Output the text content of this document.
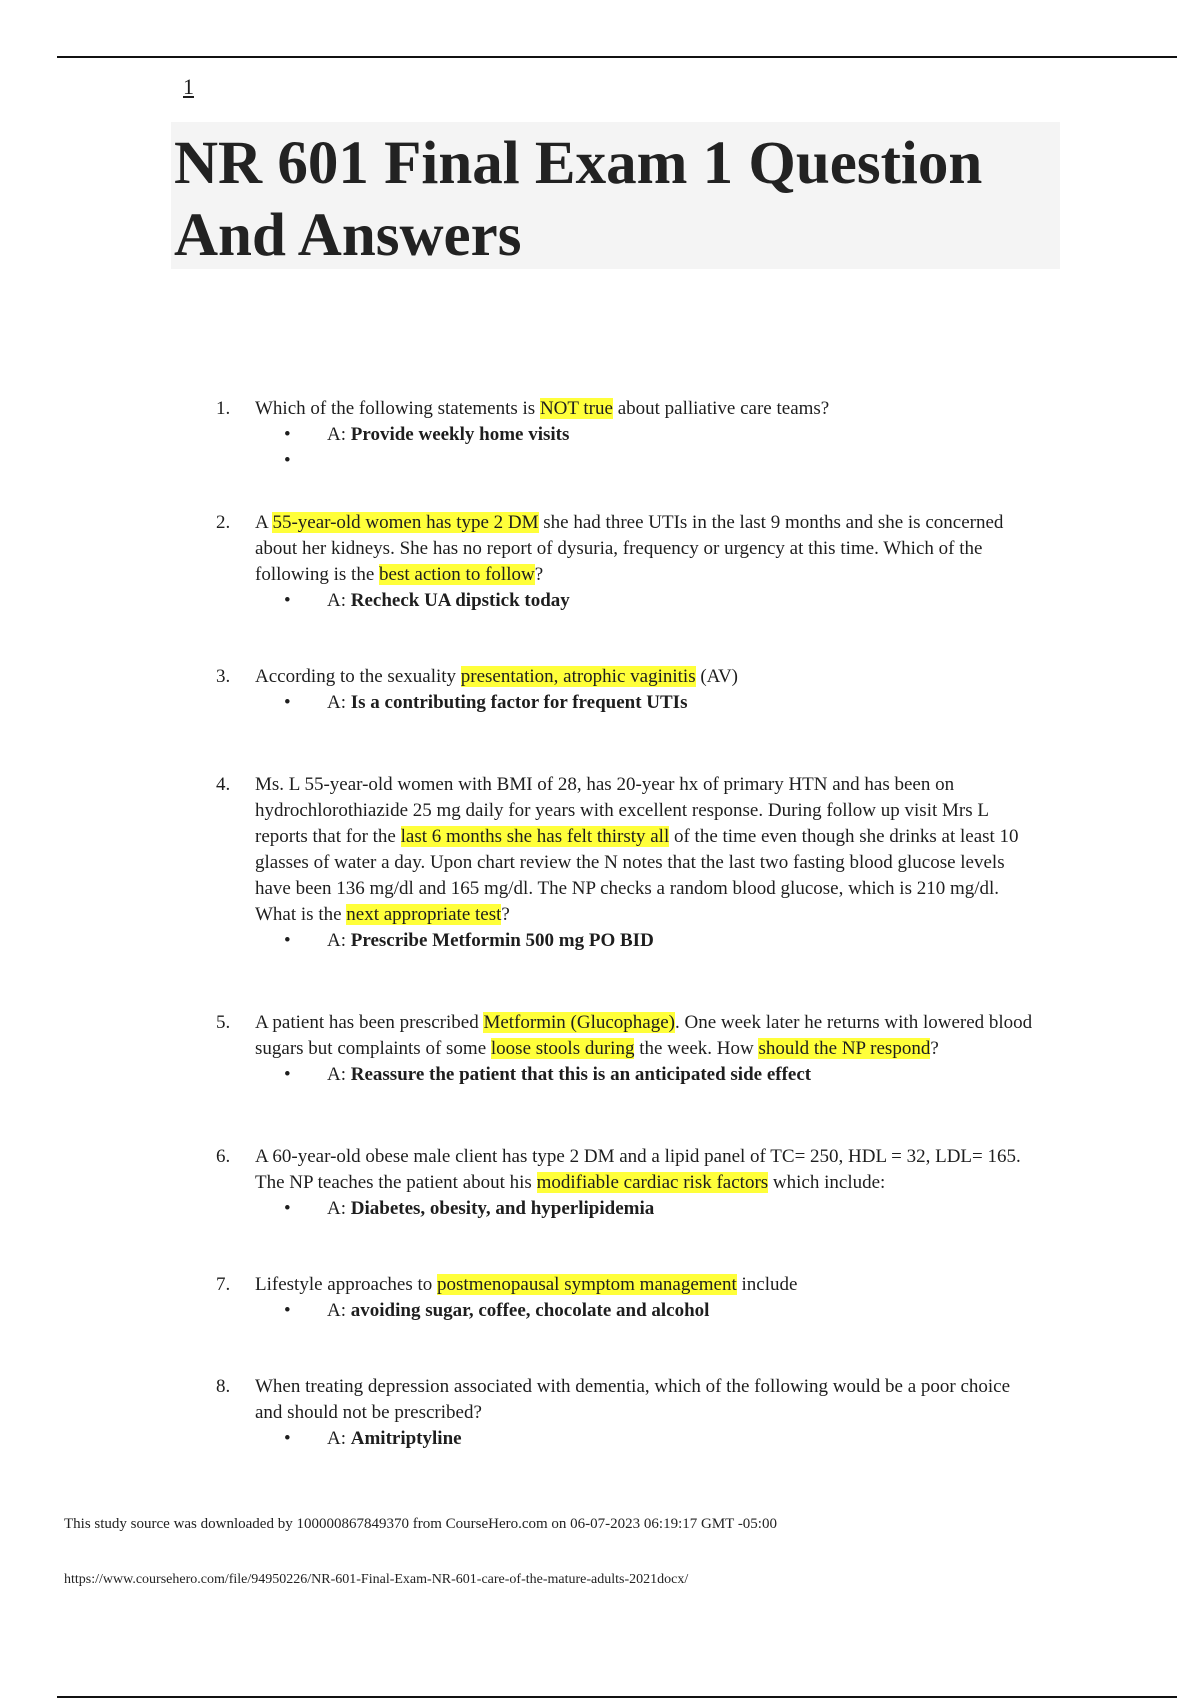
1
NR 601 Final Exam 1 Question And Answers
1. Which of the following statements is NOT true about palliative care teams?
• A: Provide weekly home visits
•
2. A 55-year-old women has type 2 DM she had three UTIs in the last 9 months and she is concerned about her kidneys. She has no report of dysuria, frequency or urgency at this time. Which of the following is the best action to follow?
• A: Recheck UA dipstick today
3. According to the sexuality presentation, atrophic vaginitis (AV)
• A: Is a contributing factor for frequent UTIs
4. Ms. L 55-year-old women with BMI of 28, has 20-year hx of primary HTN and has been on hydrochlorothiazide 25 mg daily for years with excellent response. During follow up visit Mrs L reports that for the last 6 months she has felt thirsty all of the time even though she drinks at least 10 glasses of water a day. Upon chart review the N notes that the last two fasting blood glucose levels have been 136 mg/dl and 165 mg/dl. The NP checks a random blood glucose, which is 210 mg/dl. What is the next appropriate test?
• A: Prescribe Metformin 500 mg PO BID
5. A patient has been prescribed Metformin (Glucophage). One week later he returns with lowered blood sugars but complaints of some loose stools during the week. How should the NP respond?
• A: Reassure the patient that this is an anticipated side effect
6. A 60-year-old obese male client has type 2 DM and a lipid panel of TC= 250, HDL = 32, LDL= 165. The NP teaches the patient about his modifiable cardiac risk factors which include:
• A: Diabetes, obesity, and hyperlipidemia
7. Lifestyle approaches to postmenopausal symptom management include
• A: avoiding sugar, coffee, chocolate and alcohol
8. When treating depression associated with dementia, which of the following would be a poor choice and should not be prescribed?
• A: Amitriptyline
This study source was downloaded by 100000867849370 from CourseHero.com on 06-07-2023 06:19:17 GMT -05:00
https://www.coursehero.com/file/94950226/NR-601-Final-Exam-NR-601-care-of-the-mature-adults-2021docx/
